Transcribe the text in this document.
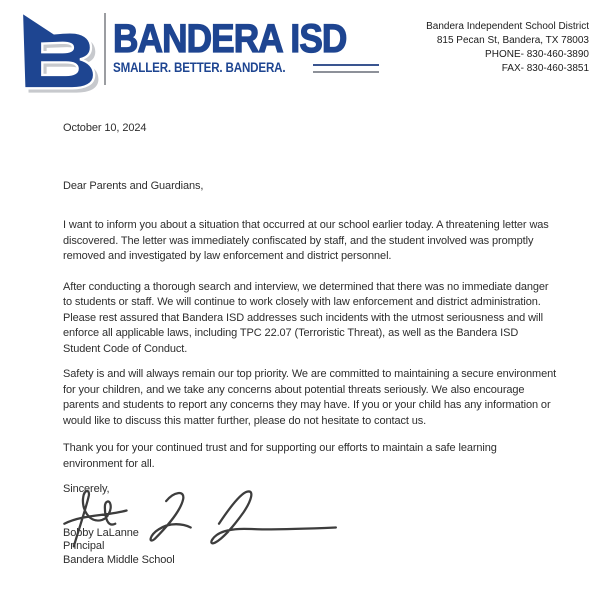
BANDERA ISD
SMALLER. BETTER. BANDERA.
Bandera Independent School District
815 Pecan St, Bandera, TX 78003
PHONE- 830-460-3890
FAX- 830-460-3851

October 10, 2024

Dear Parents and Guardians,

I want to inform you about a situation that occurred at our school earlier today. A threatening letter was discovered. The letter was immediately confiscated by staff, and the student involved was promptly removed and investigated by law enforcement and district personnel.

After conducting a thorough search and interview, we determined that there was no immediate danger to students or staff. We will continue to work closely with law enforcement and district administration. Please rest assured that Bandera ISD addresses such incidents with the utmost seriousness and will enforce all applicable laws, including TPC 22.07 (Terroristic Threat), as well as the Bandera ISD Student Code of Conduct.

Safety is and will always remain our top priority. We are committed to maintaining a secure environment for your children, and we take any concerns about potential threats seriously. We also encourage parents and students to report any concerns they may have. If you or your child has any information or would like to discuss this matter further, please do not hesitate to contact us.

Thank you for your continued trust and for supporting our efforts to maintain a safe learning environment for all.

Sincerely,

Bobby LaLanne
Principal
Bandera Middle School
